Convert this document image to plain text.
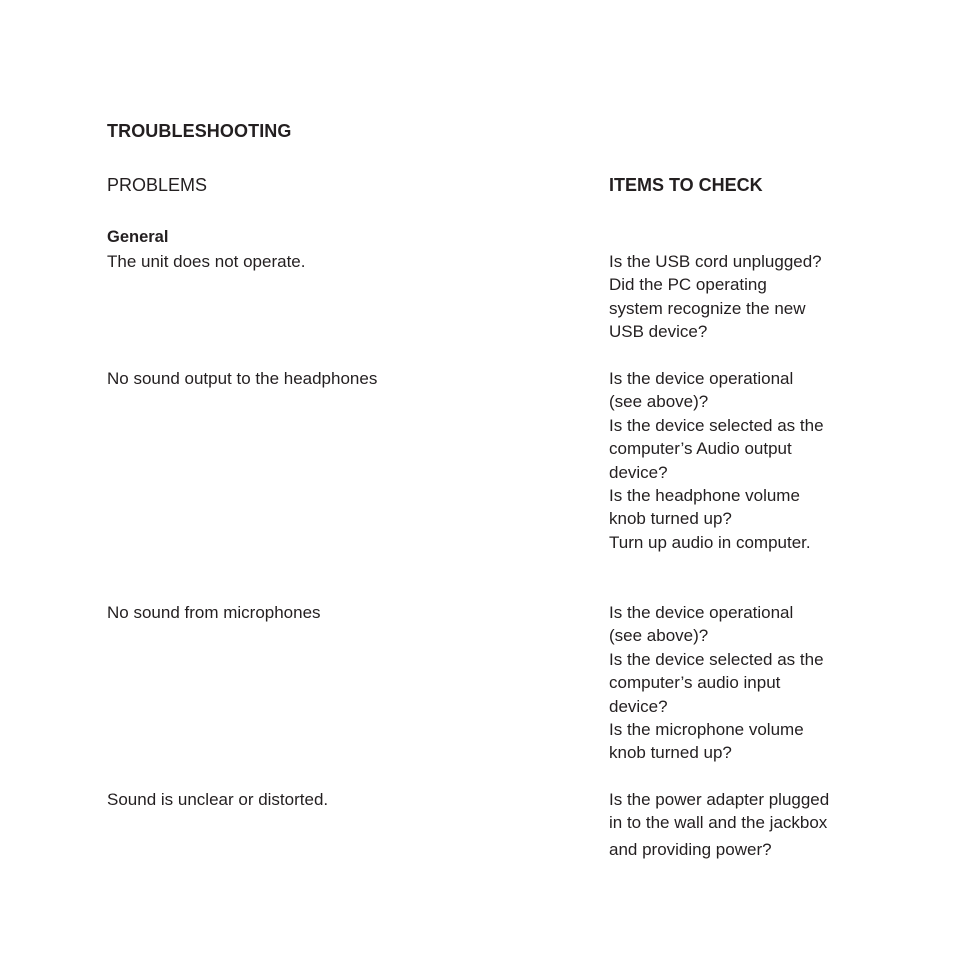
TROUBLESHOOTING
PROBLEMS	ITEMS TO CHECK
General
The unit does not operate.	Is the USB cord unplugged?
Did the PC operating
system recognize the new
USB device?
No sound output to the headphones	Is the device operational
(see above)?
Is the device selected as the
computer’s Audio output
device?
Is the headphone volume
knob turned up?
Turn up audio in computer.
No sound from microphones	Is the device operational
(see above)?
Is the device selected as the
computer’s audio input
device?
Is the microphone volume
knob turned up?
Sound is unclear or distorted.	Is the power adapter plugged
in to the wall and the jackbox
and providing power?
